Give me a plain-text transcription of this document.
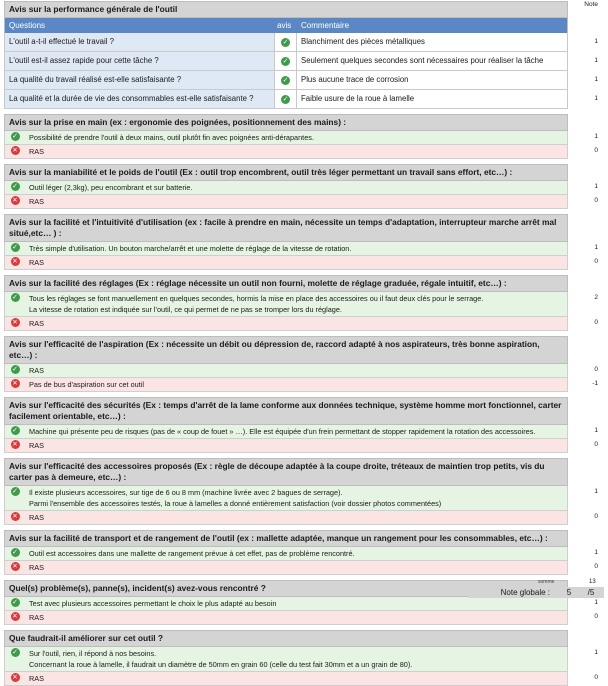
Avis sur la performance générale de l'outil	Note
Questions	avis	Commentaire
L'outil a-t-il effectué le travail ?	✓	Blanchiment des pièces métalliques	1
L'outil est-il assez rapide pour cette tâche ?	✓	Seulement quelques secondes sont nécessaires pour réaliser la tâche	1
La qualité du travail réalisé est-elle satisfaisante ?	✓	Plus aucune trace de corrosion	1
La qualité et la durée de vie des consommables est-elle satisfaisante ?	✓	Faible usure de la roue à lamelle	1
Avis sur la prise en main (ex : ergonomie des poignées, positionnement des mains) :
✓ Possibilité de prendre l'outil à deux mains, outil plutôt fin avec poignées anti-dérapantes.	1
✕	RAS	0
Avis sur la maniabilité et le poids de l'outil (Ex : outil trop encombrent, outil très léger permettant un travail sans effort, etc…) :
✓ Outil léger (2,3kg), peu encombrant et sur batterie.	1
✕	RAS	0
Avis sur la facilité et l'intuitivité d'utilisation (ex : facile à prendre en main, nécessite un temps d'adaptation, interrupteur marche arrêt mal situé,etc… ) :
✓ Très simple d'utilisation. Un bouton marche/arrêt et une molette de réglage de la vitesse de rotation.	1
✕	RAS	0
Avis sur la facilité des réglages (Ex : réglage nécessite un outil non fourni, molette de réglage graduée, régale intuitif, etc…) :
✓ Tous les réglages se font manuellement en quelques secondes, hormis la mise en place des accessoires ou il faut deux clés pour le serrage.
La vitesse de rotation est indiquée sur l'outil, ce qui permet de ne pas se tromper lors du réglage.
2
✕	RAS	0
Avis sur l'efficacité de l'aspiration (Ex : nécessite un débit ou dépression de, raccord adapté à nos aspirateurs, très bonne aspiration, etc…) :
✓ RAS	0
✕	Pas de bus d'aspiration sur cet outil	-1
Avis sur l'efficacité des sécurités (Ex : temps d'arrêt de la lame conforme aux données technique, système homme mort fonctionnel, carter facilement orientable, etc…) :
✓ Machine qui présente peu de risques (pas de « coup de fouet » …). Elle est équipée d'un frein permettant de stopper rapidement la rotation des accessoires.	1
✕	RAS	0
Avis sur l'efficacité des accessoires proposés (Ex : règle de découpe adaptée à la coupe droite, tréteaux de maintien trop petits, vis du carter pas à demeure, etc…) :
✓ Il existe plusieurs accessoires, sur tige de 6 ou 8 mm (machine livrée avec 2 bagues de serrage).
Parmi l'ensemble des accessoires testés, la roue à lamelles a donné entièrement satisfaction (voir dossier photos commentées)
1
✕	RAS	0
Avis sur la facilité de transport et de rangement de l'outil (ex : mallette adaptée, manque un rangement pour les consommables, etc…) :
✓ Outil est accessoires dans une mallette de rangement prévue à cet effet, pas de problème rencontré.	1
✕	RAS	0
Quel(s) problème(s), panne(s), incident(s) avez-vous rencontré ?
✓ Test avec plusieurs accessoires permettant le choix le plus adapté au besoin	1
✕	RAS	0
Que faudrait-il améliorer sur cet outil ?
✓ Sur l'outil, rien, il répond à nos besoins.
Concernant la roue à lamelle, il faudrait un diamètre de 50mm en grain 60 (celle du test fait 30mm et a un grain de 80).
1
✕	RAS	0
somme	13
Note globale :	5	/5
